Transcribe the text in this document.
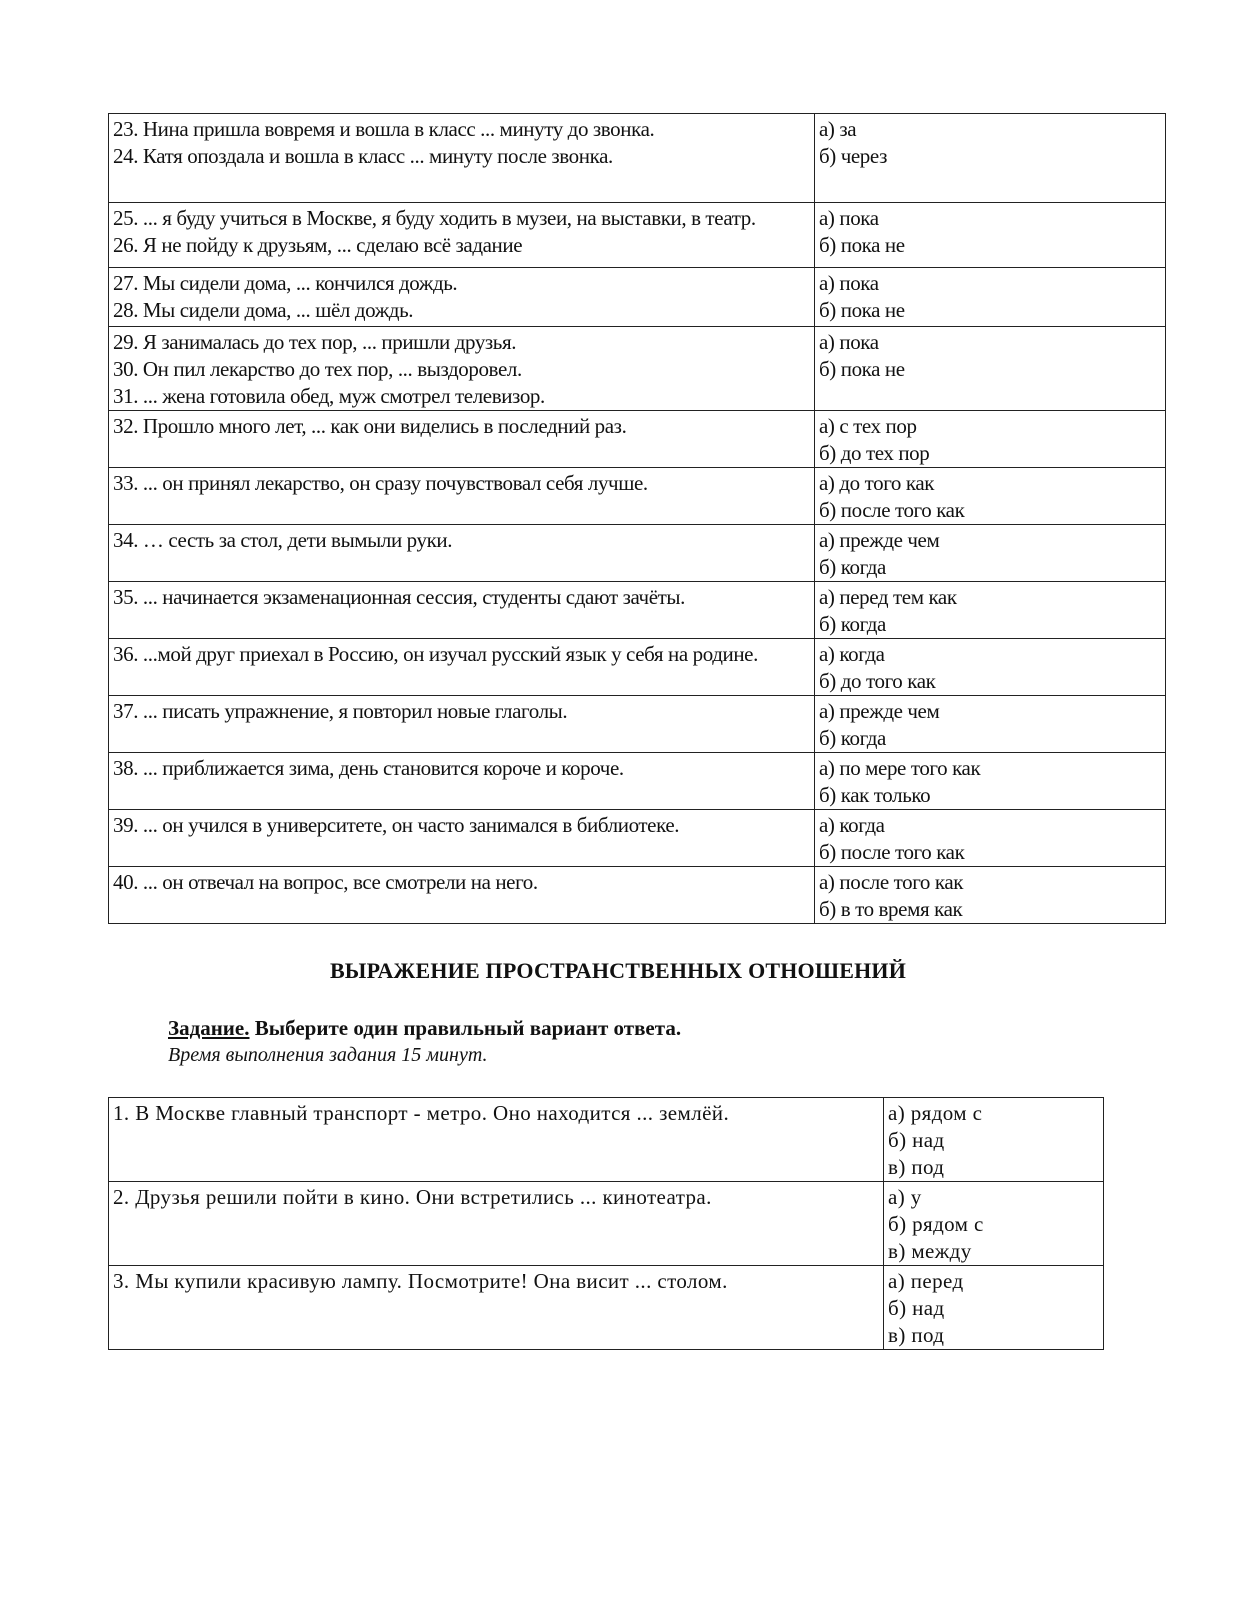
23. Нина пришла вовремя и вошла в класс ... минуту до звонка.
24. Катя опоздала и вошла в класс ... минуту после звонка.	а) за
б) через

25. ... я буду учиться в Москве, я буду ходить в музеи, на выставки, в театр.
26. Я не пойду к друзьям, ... сделаю всё задание	а) пока
б) пока не

27. Мы сидели дома, ... кончился дождь.
28. Мы сидели дома, ... шёл дождь.	а) пока
б) пока не

29. Я занималась до тех пор, ... пришли друзья.
30. Он пил лекарство до тех пор, ... выздоровел.
31. ... жена готовила обед, муж смотрел телевизор.	а) пока
б) пока не

32. Прошло много лет, ... как они виделись в последний раз.	а) с тех пор
б) до тех пор

33. ... он принял лекарство, он сразу почувствовал себя лучше.	а) до того как
б) после того как

34. … сесть за стол, дети вымыли руки.	а) прежде чем
б) когда

35. ... начинается экзаменационная сессия, студенты сдают зачёты.	а) перед тем как
б) когда

36. ...мой друг приехал в Россию, он изучал русский язык у себя на родине.	а) когда
б) до того как

37. ... писать упражнение, я повторил новые глаголы.	а) прежде чем
б) когда

38. ... приближается зима, день становится короче и короче.	а) по мере того как
б) как только

39. ... он учился в университете, он часто занимался в библиотеке.	а) когда
б) после того как

40. ... он отвечал на вопрос, все смотрели на него.	а) после того как
б) в то время как
ВЫРАЖЕНИЕ ПРОСТРАНСТВЕННЫХ ОТНОШЕНИЙ
Задание. Выберите один правильный вариант ответа.
Время выполнения задания 15 минут.
1. В Москве главный транспорт - метро. Оно находится ... землёй.	а) рядом с
б) над
в) под

2. Друзья решили пойти в кино. Они встретились ... кинотеатра.	а) у
б) рядом с
в) между

3. Мы купили красивую лампу. Посмотрите! Она висит ... столом.	а) перед
б) над
в) под
